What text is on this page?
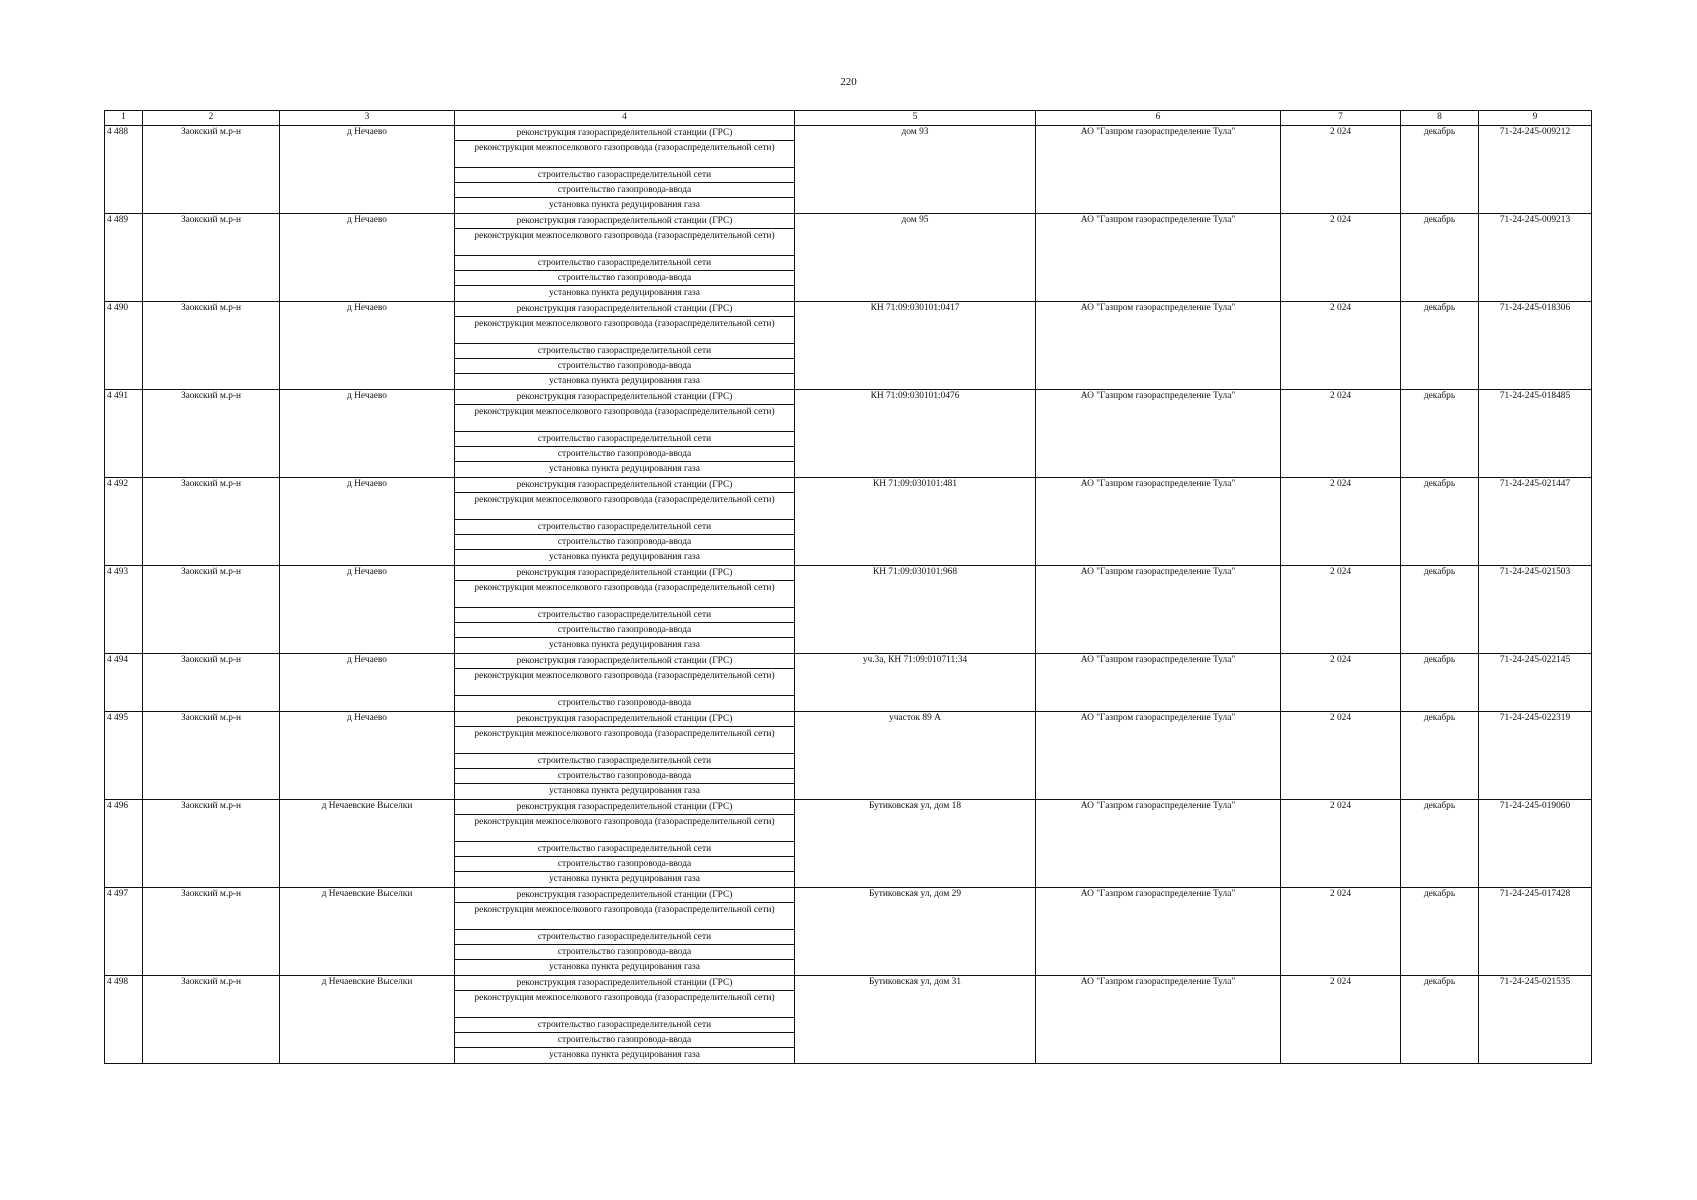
220
1	2	3	4	5	6	7	8	9
4 488	Заокский м.р-н	д Нечаево	реконструкция газораспределительной станции (ГРС)
реконструкция межпоселкового газопровода (газораспределительной сети)
строительство газораспределительной сети
строительство газопровода-ввода
установка пункта редуцирования газа	дом 93	АО "Газпром газораспределение Тула"	2 024	декабрь	71-24-245-009212
4 489	Заокский м.р-н	д Нечаево	реконструкция газораспределительной станции (ГРС)
реконструкция межпоселкового газопровода (газораспределительной сети)
строительство газораспределительной сети
строительство газопровода-ввода
установка пункта редуцирования газа	дом 95	АО "Газпром газораспределение Тула"	2 024	декабрь	71-24-245-009213
4 490	Заокский м.р-н	д Нечаево	реконструкция газораспределительной станции (ГРС)
реконструкция межпоселкового газопровода (газораспределительной сети)
строительство газораспределительной сети
строительство газопровода-ввода
установка пункта редуцирования газа	КН 71:09:030101:0417	АО "Газпром газораспределение Тула"	2 024	декабрь	71-24-245-018306
4 491	Заокский м.р-н	д Нечаево	реконструкция газораспределительной станции (ГРС)
реконструкция межпоселкового газопровода (газораспределительной сети)
строительство газораспределительной сети
строительство газопровода-ввода
установка пункта редуцирования газа	КН 71:09:030101:0476	АО "Газпром газораспределение Тула"	2 024	декабрь	71-24-245-018485
4 492	Заокский м.р-н	д Нечаево	реконструкция газораспределительной станции (ГРС)
реконструкция межпоселкового газопровода (газораспределительной сети)
строительство газораспределительной сети
строительство газопровода-ввода
установка пункта редуцирования газа	КН 71:09:030101:481	АО "Газпром газораспределение Тула"	2 024	декабрь	71-24-245-021447
4 493	Заокский м.р-н	д Нечаево	реконструкция газораспределительной станции (ГРС)
реконструкция межпоселкового газопровода (газораспределительной сети)
строительство газораспределительной сети
строительство газопровода-ввода
установка пункта редуцирования газа	КН 71:09:030101:968	АО "Газпром газораспределение Тула"	2 024	декабрь	71-24-245-021503
4 494	Заокский м.р-н	д Нечаево	реконструкция газораспределительной станции (ГРС)
реконструкция межпоселкового газопровода (газораспределительной сети)
строительство газопровода-ввода	уч.3а, КН 71:09:010711:34	АО "Газпром газораспределение Тула"	2 024	декабрь	71-24-245-022145
4 495	Заокский м.р-н	д Нечаево	реконструкция газораспределительной станции (ГРС)
реконструкция межпоселкового газопровода (газораспределительной сети)
строительство газораспределительной сети
строительство газопровода-ввода
установка пункта редуцирования газа	участок 89 А	АО "Газпром газораспределение Тула"	2 024	декабрь	71-24-245-022319
4 496	Заокский м.р-н	д Нечаевские Выселки	реконструкция газораспределительной станции (ГРС)
реконструкция межпоселкового газопровода (газораспределительной сети)
строительство газораспределительной сети
строительство газопровода-ввода
установка пункта редуцирования газа	Бутиковская ул, дом 18	АО "Газпром газораспределение Тула"	2 024	декабрь	71-24-245-019060
4 497	Заокский м.р-н	д Нечаевские Выселки	реконструкция газораспределительной станции (ГРС)
реконструкция межпоселкового газопровода (газораспределительной сети)
строительство газораспределительной сети
строительство газопровода-ввода
установка пункта редуцирования газа	Бутиковская ул, дом 29	АО "Газпром газораспределение Тула"	2 024	декабрь	71-24-245-017428
4 498	Заокский м.р-н	д Нечаевские Выселки	реконструкция газораспределительной станции (ГРС)
реконструкция межпоселкового газопровода (газораспределительной сети)
строительство газораспределительной сети
строительство газопровода-ввода
установка пункта редуцирования газа	Бутиковская ул, дом 31	АО "Газпром газораспределение Тула"	2 024	декабрь	71-24-245-021535
